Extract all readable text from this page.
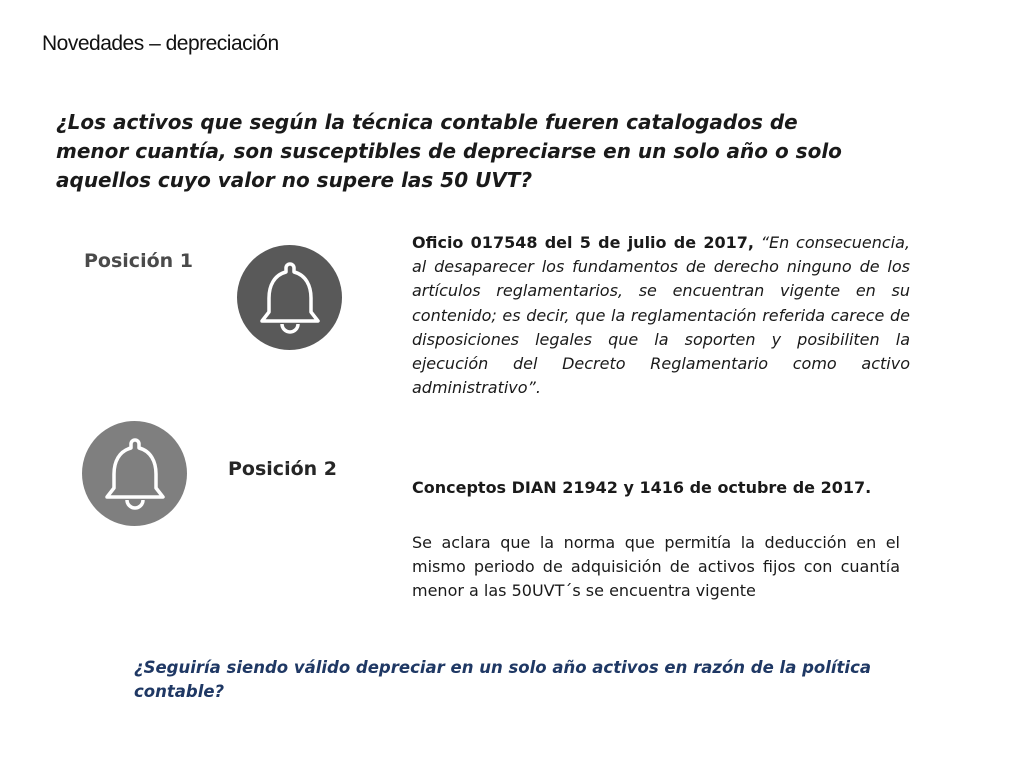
Novedades – depreciación
¿Los activos que según la técnica contable fueren catalogados de menor cuantía, son susceptibles de depreciarse en un solo año o solo aquellos cuyo valor no supere las 50 UVT?
Posición 1
Oficio 017548 del 5 de julio de 2017, “En consecuencia, al desaparecer los fundamentos de derecho ninguno de los artículos reglamentarios, se encuentran vigente en su contenido; es decir, que la reglamentación referida carece de disposiciones legales que la soporten y posibiliten la ejecución del Decreto Reglamentario como activo administrativo”.
Posición 2
Conceptos DIAN 21942 y 1416 de octubre de 2017.
Se aclara que la norma que permitía la deducción en el mismo periodo de adquisición de activos fijos con cuantía menor a las 50UVT´s se encuentra vigente
¿Seguiría siendo válido depreciar en un solo año activos en razón de la política contable?
